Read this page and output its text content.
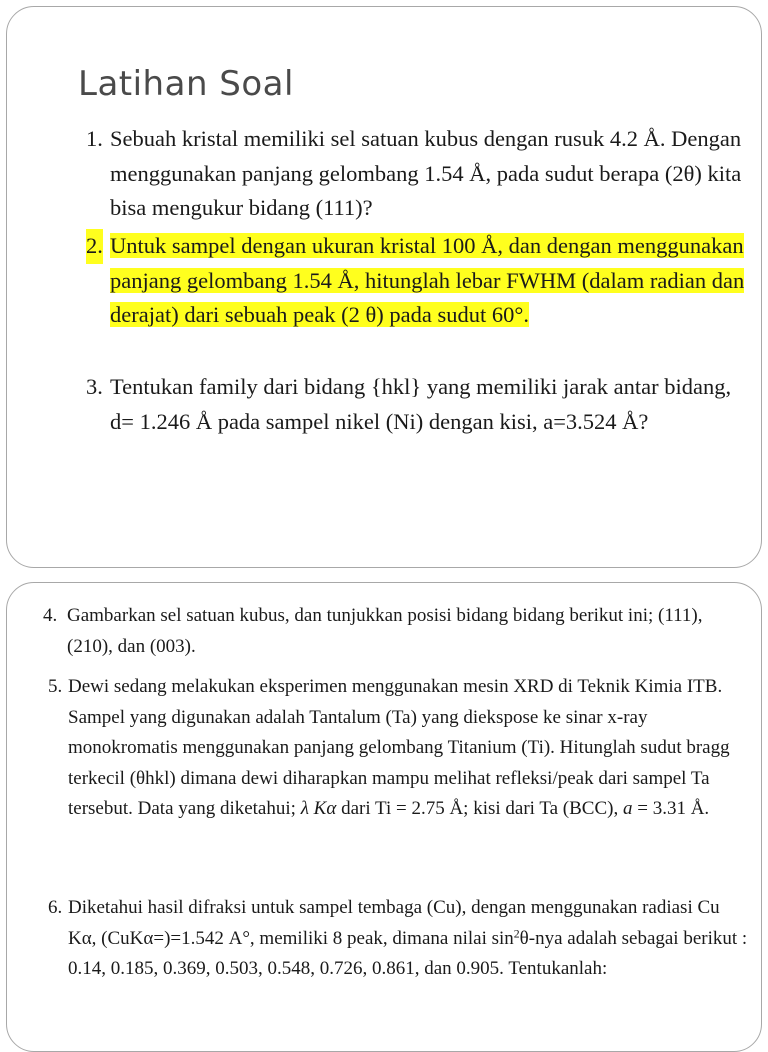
Latihan Soal
1. Sebuah kristal memiliki sel satuan kubus dengan rusuk 4.2 Å. Dengan menggunakan panjang gelombang 1.54 Å, pada sudut berapa (2θ) kita bisa mengukur bidang (111)?
2. Untuk sampel dengan ukuran kristal 100 Å, dan dengan menggunakan panjang gelombang 1.54 Å, hitunglah lebar FWHM (dalam radian dan derajat) dari sebuah peak (2 θ) pada sudut 60°.
3. Tentukan family dari bidang {hkl} yang memiliki jarak antar bidang, d= 1.246 Å pada sampel nikel (Ni) dengan kisi, a=3.524 Å?
4. Gambarkan sel satuan kubus, dan tunjukkan posisi bidang bidang berikut ini; (111), (210), dan (003).
5. Dewi sedang melakukan eksperimen menggunakan mesin XRD di Teknik Kimia ITB. Sampel yang digunakan adalah Tantalum (Ta) yang diekspose ke sinar x-ray monokromatis menggunakan panjang gelombang Titanium (Ti). Hitunglah sudut bragg terkecil (θhkl) dimana dewi diharapkan mampu melihat refleksi/peak dari sampel Ta tersebut. Data yang diketahui; λ Kα dari Ti = 2.75 Å; kisi dari Ta (BCC), a = 3.31 Å.
6. Diketahui hasil difraksi untuk sampel tembaga (Cu), dengan menggunakan radiasi Cu Kα, (CuKα=)=1.542 A°, memiliki 8 peak, dimana nilai $\sin^2\theta$-nya adalah sebagai berikut : 0.14, 0.185, 0.369, 0.503, 0.548, 0.726, 0.861, dan 0.905. Tentukanlah:
